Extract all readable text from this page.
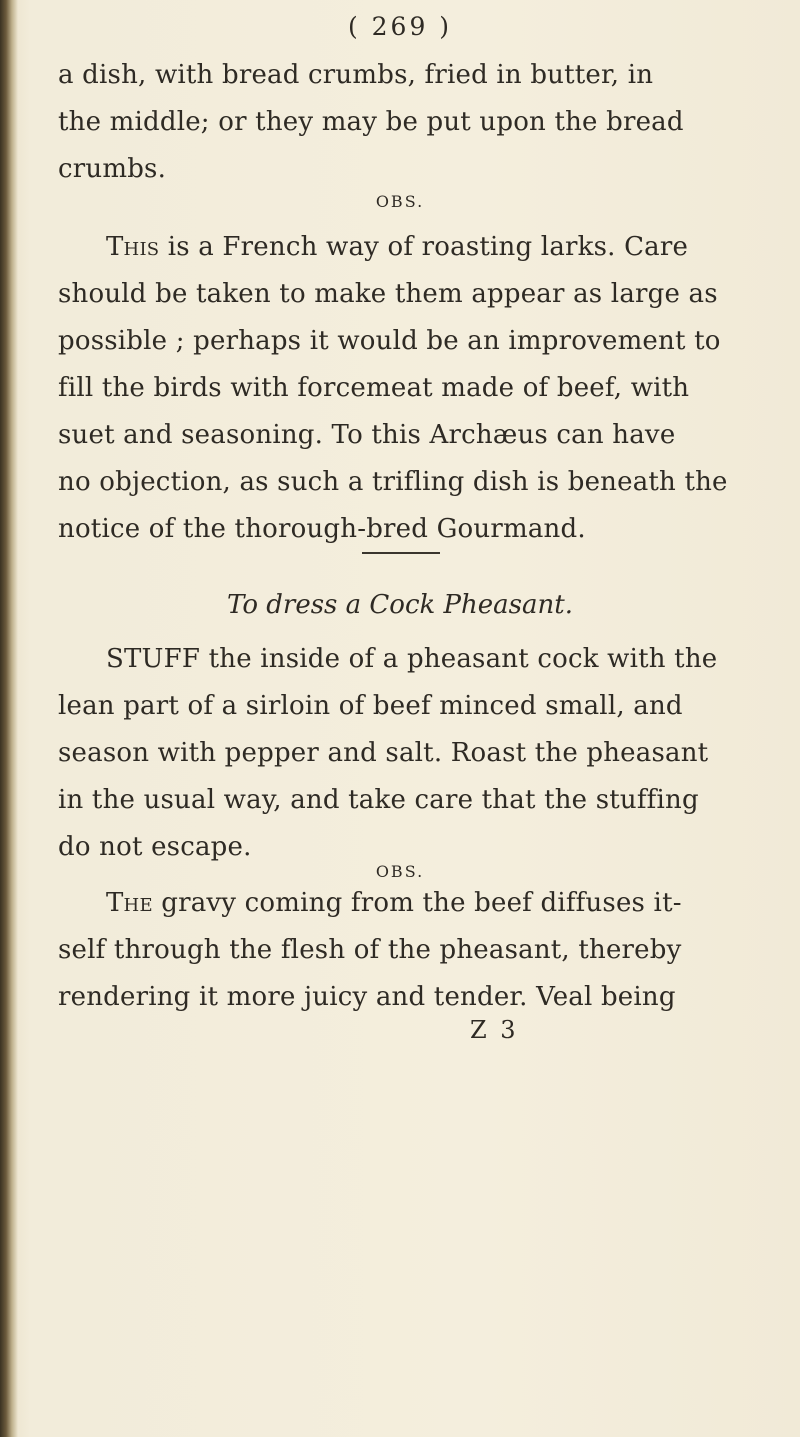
( 269 )
a dish, with bread crumbs, fried in butter, in
the middle; or they may be put upon the bread
crumbs.
OBS.
This is a French way of roasting larks. Care
should be taken to make them appear as large as
possible ; perhaps it would be an improvement to
fill the birds with forcemeat made of beef, with
suet and seasoning. To this Archæus can have
no objection, as such a trifling dish is beneath the
notice of the thorough-bred Gourmand.
To dress a Cock Pheasant.
STUFF the inside of a pheasant cock with the
lean part of a sirloin of beef minced small, and
season with pepper and salt. Roast the pheasant
in the usual way, and take care that the stuffing
do not escape.
OBS.
The gravy coming from the beef diffuses it-
self through the flesh of the pheasant, thereby
rendering it more juicy and tender. Veal being
Z 3
